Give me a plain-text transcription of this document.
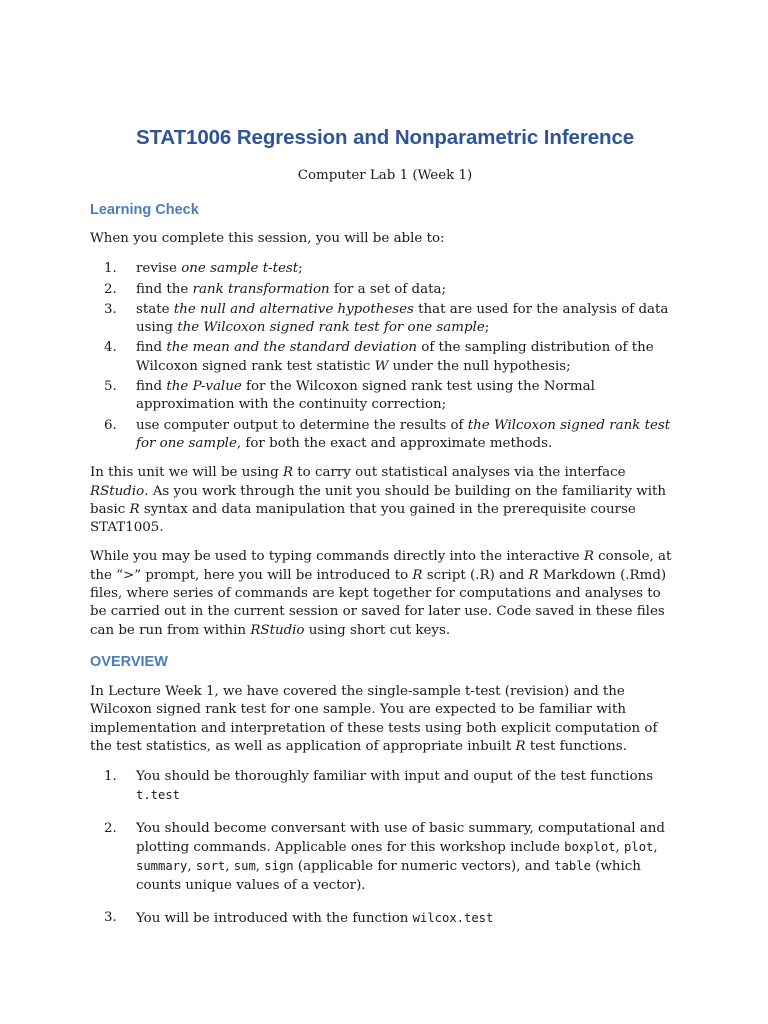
STAT1006 Regression and Nonparametric Inference
Computer Lab 1 (Week 1)
Learning Check

When you complete this session, you will be able to:

1. revise one sample t-test;
2. find the rank transformation for a set of data;
3. state the null and alternative hypotheses that are used for the analysis of data using the Wilcoxon signed rank test for one sample;
4. find the mean and the standard deviation of the sampling distribution of the Wilcoxon signed rank test statistic W under the null hypothesis;
5. find the P-value for the Wilcoxon signed rank test using the Normal approximation with the continuity correction;
6. use computer output to determine the results of the Wilcoxon signed rank test for one sample, for both the exact and approximate methods.

In this unit we will be using R to carry out statistical analyses via the interface RStudio. As you work through the unit you should be building on the familiarity with basic R syntax and data manipulation that you gained in the prerequisite course STAT1005.

While you may be used to typing commands directly into the interactive R console, at the “>” prompt, here you will be introduced to R script (.R) and R Markdown (.Rmd) files, where series of commands are kept together for computations and analyses to be carried out in the current session or saved for later use. Code saved in these files can be run from within RStudio using short cut keys.

OVERVIEW

In Lecture Week 1, we have covered the single-sample t-test (revision) and the Wilcoxon signed rank test for one sample. You are expected to be familiar with implementation and interpretation of these tests using both explicit computation of the test statistics, as well as application of appropriate inbuilt R test functions.

1. You should be thoroughly familiar with input and ouput of the test functions t.test
2. You should become conversant with use of basic summary, computational and plotting commands. Applicable ones for this workshop include boxplot, plot, summary, sort, sum, sign (applicable for numeric vectors), and table (which counts unique values of a vector).
3. You will be introduced with the function wilcox.test
